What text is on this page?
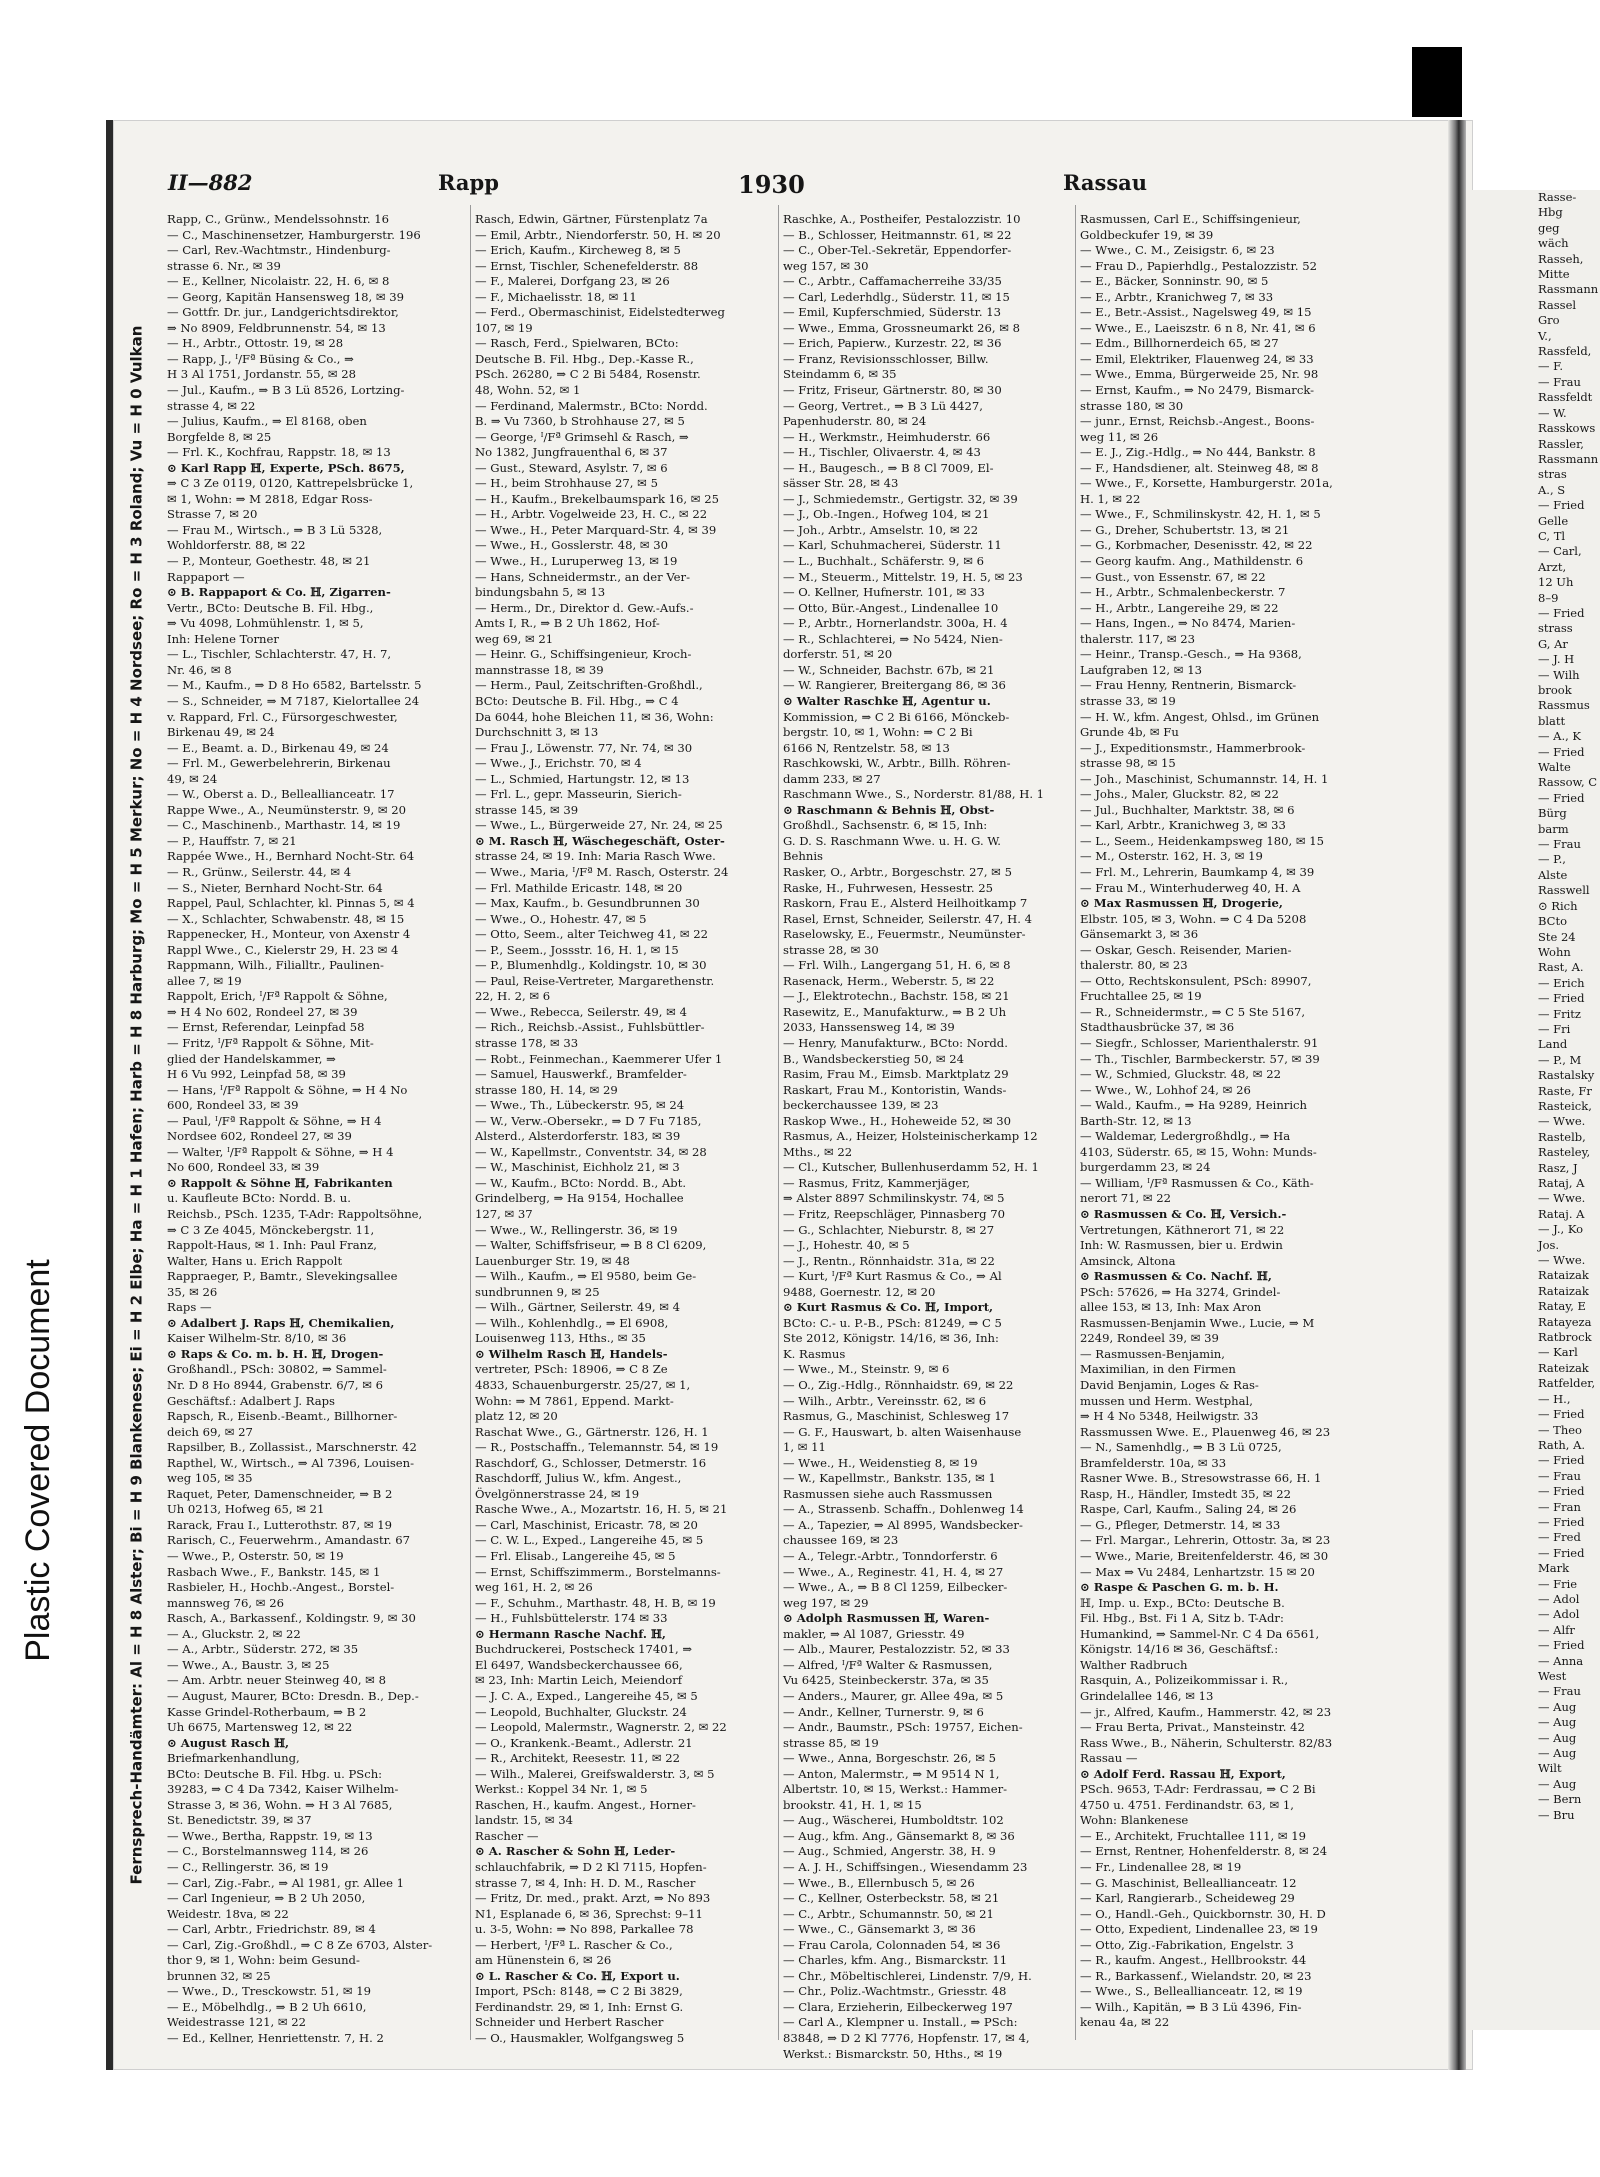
Plastic Covered Document
Rasse-
Hbg
geg
wäch
Rasseh,
Mitte
Rassmann
Rassel
Gro
V.,
Rassfeld,
— F.
— Frau
Rassfeldt
— W.
Rasskows
Rassler,
Rassmann
stras
A., S
— Fried
Gelle
C, Tl
— Carl,
Arzt,
12 Uh
8–9
— Fried
strass
G, Ar
— J. H
— Wilh
brook
Rassmus
blatt
— A., K
— Fried
Walte
Rassow, C
— Fried
Bürg
barm
— Frau
— P.,
Alste
Rasswell
⊙ Rich
BCto
Ste 24
Wohn
Rast, A.
— Erich
— Fried
— Fritz
— Fri
Land
— P., M
Rastalsky
Raste, Fr
Rasteick,
— Wwe.
Rastelb,
Rasteley,
Rasz, J
Rataj, A
— Wwe.
Rataj. A
— J., Ko
Jos.
— Wwe.
Rataizak
Rataizak
Ratay, E
Ratayeza
Ratbrock
— Karl
Rateizak
Ratfelder,
— H.,
— Fried
— Theo
Rath, A.
— Fried
— Frau
— Fried
— Fran
— Fried
— Fred
— Fried
Mark
— Frie
— Adol
— Adol
— Alfr
— Fried
— Anna
West
— Frau
— Aug
— Aug
— Aug
— Aug
Wilt
— Aug
— Bern
— Bru
II—882	Rapp	1930	Rassau
Fernsprech-Handämter: Al = H 8 Alster; Bi = H 9 Blankenese; Ei = H 2 Elbe; Ha = H 1 Hafen; Harb = H 8 Harburg; Mo = H 5 Merkur; No = H 4 Nordsee; Ro = H 3 Roland; Vu = H 0 Vulkan
Rapp, C., Grünw., Mendelssohnstr. 16
— C., Maschinensetzer, Hamburgerstr. 196
— Carl, Rev.-Wachtmstr., Hindenburg-
strasse 6. Nr., ✉ 39
— E., Kellner, Nicolaistr. 22, H. 6, ✉ 8
— Georg, Kapitän Hansensweg 18, ✉ 39
— Gottfr. Dr. jur., Landgerichtsdirektor,
⇒ No 8909, Feldbrunnenstr. 54, ✉ 13
— H., Arbtr., Ottostr. 19, ✉ 28
— Rapp, J., ᴵ/Fª Büsing & Co., ⇒
H 3 Al 1751, Jordanstr. 55, ✉ 28
— Jul., Kaufm., ⇒ B 3 Lü 8526, Lortzing-
strasse 4, ✉ 22
— Julius, Kaufm., ⇒ El 8168, oben
Borgfelde 8, ✉ 25
— Frl. K., Kochfrau, Rappstr. 18, ✉ 13
⊙ Karl Rapp ℍ, Experte, PSch. 8675,
⇒ C 3 Ze 0119, 0120, Kattrepelsbrücke 1,
✉ 1, Wohn: ⇒ M 2818, Edgar Ross-
Strasse 7, ✉ 20
— Frau M., Wirtsch., ⇒ B 3 Lü 5328,
Wohldorferstr. 88, ✉ 22
— P., Monteur, Goethestr. 48, ✉ 21
Rappaport —
⊙ B. Rappaport & Co. ℍ, Zigarren-
Vertr., BCto: Deutsche B. Fil. Hbg.,
⇒ Vu 4098, Lohmühlenstr. 1, ✉ 5,
Inh: Helene Torner
— L., Tischler, Schlachterstr. 47, H. 7,
Nr. 46, ✉ 8
— M., Kaufm., ⇒ D 8 Ho 6582, Bartelsstr. 5
— S., Schneider, ⇒ M 7187, Kielortallee 24
v. Rappard, Frl. C., Fürsorgeschwester,
Birkenau 49, ✉ 24
— E., Beamt. a. D., Birkenau 49, ✉ 24
— Frl. M., Gewerbelehrerin, Birkenau
49, ✉ 24
— W., Oberst a. D., Belleallianceatr. 17
Rappe Wwe., A., Neumünsterstr. 9, ✉ 20
— C., Maschinenb., Marthastr. 14, ✉ 19
— P., Hauffstr. 7, ✉ 21
Rappée Wwe., H., Bernhard Nocht-Str. 64
— R., Grünw., Seilerstr. 44, ✉ 4
— S., Nieter, Bernhard Nocht-Str. 64
Rappel, Paul, Schlachter, kl. Pinnas 5, ✉ 4
— X., Schlachter, Schwabenstr. 48, ✉ 15
Rappenecker, H., Monteur, von Axenstr 4
Rappl Wwe., C., Kielerstr 29, H. 23 ✉ 4
Rappmann, Wilh., Filialltr., Paulinen-
allee 7, ✉ 19
Rappolt, Erich, ᴵ/Fª Rappolt & Söhne,
⇒ H 4 No 602, Rondeel 27, ✉ 39
— Ernst, Referendar, Leinpfad 58
— Fritz, ᴵ/Fª Rappolt & Söhne, Mit-
glied der Handelskammer, ⇒
H 6 Vu 992, Leinpfad 58, ✉ 39
— Hans, ᴵ/Fª Rappolt & Söhne, ⇒ H 4 No
600, Rondeel 33, ✉ 39
— Paul, ᴵ/Fª Rappolt & Söhne, ⇒ H 4
Nordsee 602, Rondeel 27, ✉ 39
— Walter, ᴵ/Fª Rappolt & Söhne, ⇒ H 4
No 600, Rondeel 33, ✉ 39
⊙ Rappolt & Söhne ℍ, Fabrikanten
u. Kaufleute BCto: Nordd. B. u.
Reichsb., PSch. 1235, T-Adr: Rappoltsöhne,
⇒ C 3 Ze 4045, Mönckebergstr. 11,
Rappolt-Haus, ✉ 1. Inh: Paul Franz,
Walter, Hans u. Erich Rappolt
Rappraeger, P., Bamtr., Slevekingsallee
35, ✉ 26
Raps —
⊙ Adalbert J. Raps ℍ, Chemikalien,
Kaiser Wilhelm-Str. 8/10, ✉ 36
⊙ Raps & Co. m. b. H. ℍ, Drogen-
Großhandl., PSch: 30802, ⇒ Sammel-
Nr. D 8 Ho 8944, Grabenstr. 6/7, ✉ 6
Geschäftsf.: Adalbert J. Raps
Rapsch, R., Eisenb.-Beamt., Billhorner-
deich 69, ✉ 27
Rapsilber, B., Zollassist., Marschnerstr. 42
Rapthel, W., Wirtsch., ⇒ Al 7396, Louisen-
weg 105, ✉ 35
Raquet, Peter, Damenschneider, ⇒ B 2
Uh 0213, Hofweg 65, ✉ 21
Rarack, Frau I., Lutterothstr. 87, ✉ 19
Rarisch, C., Feuerwehrm., Amandastr. 67
— Wwe., P., Osterstr. 50, ✉ 19
Rasbach Wwe., F., Bankstr. 145, ✉ 1
Rasbieler, H., Hochb.-Angest., Borstel-
mannsweg 76, ✉ 26
Rasch, A., Barkassenf., Koldingstr. 9, ✉ 30
— A., Gluckstr. 2, ✉ 22
— A., Arbtr., Süderstr. 272, ✉ 35
— Wwe., A., Baustr. 3, ✉ 25
— Am. Arbtr. neuer Steinweg 40, ✉ 8
— August, Maurer, BCto: Dresdn. B., Dep.-
Kasse Grindel-Rotherbaum, ⇒ B 2
Uh 6675, Martensweg 12, ✉ 22
⊙ August Rasch ℍ,
Briefmarkenhandlung,
BCto: Deutsche B. Fil. Hbg. u. PSch:
39283, ⇒ C 4 Da 7342, Kaiser Wilhelm-
Strasse 3, ✉ 36, Wohn. ⇒ H 3 Al 7685,
St. Benedictstr. 39, ✉ 37
— Wwe., Bertha, Rappstr. 19, ✉ 13
— C., Borstelmannsweg 114, ✉ 26
— C., Rellingerstr. 36, ✉ 19
— Carl, Zig.-Fabr., ⇒ Al 1981, gr. Allee 1
— Carl Ingenieur, ⇒ B 2 Uh 2050,
Weidestr. 18va, ✉ 22
— Carl, Arbtr., Friedrichstr. 89, ✉ 4
— Carl, Zig.-Großhdl., ⇒ C 8 Ze 6703, Alster-
thor 9, ✉ 1, Wohn: beim Gesund-
brunnen 32, ✉ 25
— Wwe., D., Tresckowstr. 51, ✉ 19
— E., Möbelhdlg., ⇒ B 2 Uh 6610,
Weidestrasse 121, ✉ 22
— Ed., Kellner, Henriettenstr. 7, H. 2
Rasch, Edwin, Gärtner, Fürstenplatz 7a
— Emil, Arbtr., Niendorferstr. 50, H. ✉ 20
— Erich, Kaufm., Kircheweg 8, ✉ 5
— Ernst, Tischler, Schenefelderstr. 88
— F., Malerei, Dorfgang 23, ✉ 26
— F., Michaelisstr. 18, ✉ 11
— Ferd., Obermaschinist, Eidelstedterweg
107, ✉ 19
— Rasch, Ferd., Spielwaren, BCto:
Deutsche B. Fil. Hbg., Dep.-Kasse R.,
PSch. 26280, ⇒ C 2 Bi 5484, Rosenstr.
48, Wohn. 52, ✉ 1
— Ferdinand, Malermstr., BCto: Nordd.
B. ⇒ Vu 7360, b Strohhause 27, ✉ 5
— George, ᴵ/Fª Grimsehl & Rasch, ⇒
No 1382, Jungfrauenthal 6, ✉ 37
— Gust., Steward, Asylstr. 7, ✉ 6
— H., beim Strohhause 27, ✉ 5
— H., Kaufm., Brekelbaumspark 16, ✉ 25
— H., Arbtr. Vogelweide 23, H. C., ✉ 22
— Wwe., H., Peter Marquard-Str. 4, ✉ 39
— Wwe., H., Gosslerstr. 48, ✉ 30
— Wwe., H., Luruperweg 13, ✉ 19
— Hans, Schneidermstr., an der Ver-
bindungsbahn 5, ✉ 13
— Herm., Dr., Direktor d. Gew.-Aufs.-
Amts I, R., ⇒ B 2 Uh 1862, Hof-
weg 69, ✉ 21
— Heinr. G., Schiffsingenieur, Kroch-
mannstrasse 18, ✉ 39
— Herm., Paul, Zeitschriften-Großhdl.,
BCto: Deutsche B. Fil. Hbg., ⇒ C 4
Da 6044, hohe Bleichen 11, ✉ 36, Wohn:
Durchschnitt 3, ✉ 13
— Frau J., Löwenstr. 77, Nr. 74, ✉ 30
— Wwe., J., Erichstr. 70, ✉ 4
— L., Schmied, Hartungstr. 12, ✉ 13
— Frl. L., gepr. Masseurin, Sierich-
strasse 145, ✉ 39
— Wwe., L., Bürgerweide 27, Nr. 24, ✉ 25
⊙ M. Rasch ℍ, Wäschegeschäft, Oster-
strasse 24, ✉ 19. Inh: Maria Rasch Wwe.
— Wwe., Maria, ᴵ/Fª M. Rasch, Osterstr. 24
— Frl. Mathilde Ericastr. 148, ✉ 20
— Max, Kaufm., b. Gesundbrunnen 30
— Wwe., O., Hohestr. 47, ✉ 5
— Otto, Seem., alter Teichweg 41, ✉ 22
— P., Seem., Jossstr. 16, H. 1, ✉ 15
— P., Blumenhdlg., Koldingstr. 10, ✉ 30
— Paul, Reise-Vertreter, Margarethenstr.
22, H. 2, ✉ 6
— Wwe., Rebecca, Seilerstr. 49, ✉ 4
— Rich., Reichsb.-Assist., Fuhlsbüttler-
strasse 178, ✉ 33
— Robt., Feinmechan., Kaemmerer Ufer 1
— Samuel, Hauswerkf., Bramfelder-
strasse 180, H. 14, ✉ 29
— Wwe., Th., Lübeckerstr. 95, ✉ 24
— W., Verw.-Obersekr., ⇒ D 7 Fu 7185,
Alsterd., Alsterdorferstr. 183, ✉ 39
— W., Kapellmstr., Conventstr. 34, ✉ 28
— W., Maschinist, Eichholz 21, ✉ 3
— W., Kaufm., BCto: Nordd. B., Abt.
Grindelberg, ⇒ Ha 9154, Hochallee
127, ✉ 37
— Wwe., W., Rellingerstr. 36, ✉ 19
— Walter, Schiffsfriseur, ⇒ B 8 Cl 6209,
Lauenburger Str. 19, ✉ 48
— Wilh., Kaufm., ⇒ El 9580, beim Ge-
sundbrunnen 9, ✉ 25
— Wilh., Gärtner, Seilerstr. 49, ✉ 4
— Wilh., Kohlenhdlg., ⇒ El 6908,
Louisenweg 113, Hths., ✉ 35
⊙ Wilhelm Rasch ℍ, Handels-
vertreter, PSch: 18906, ⇒ C 8 Ze
4833, Schauenburgerstr. 25/27, ✉ 1,
Wohn: ⇒ M 7861, Eppend. Markt-
platz 12, ✉ 20
Raschat Wwe., G., Gärtnerstr. 126, H. 1
— R., Postschaffn., Telemannstr. 54, ✉ 19
Raschdorf, G., Schlosser, Detmerstr. 16
Raschdorff, Julius W., kfm. Angest.,
Övelgönnerstrasse 24, ✉ 19
Rasche Wwe., A., Mozartstr. 16, H. 5, ✉ 21
— Carl, Maschinist, Ericastr. 78, ✉ 20
— C. W. L., Exped., Langereihe 45, ✉ 5
— Frl. Elisab., Langereihe 45, ✉ 5
— Ernst, Schiffszimmerm., Borstelmanns-
weg 161, H. 2, ✉ 26
— F., Schuhm., Marthastr. 48, H. B, ✉ 19
— H., Fuhlsbüttelerstr. 174 ✉ 33
⊙ Hermann Rasche Nachf. ℍ,
Buchdruckerei, Postscheck 17401, ⇒
El 6497, Wandsbeckerchaussee 66,
✉ 23, Inh: Martin Leich, Meiendorf
— J. C. A., Exped., Langereihe 45, ✉ 5
— Leopold, Buchhalter, Gluckstr. 24
— Leopold, Malermstr., Wagnerstr. 2, ✉ 22
— O., Krankenk.-Beamt., Adlerstr. 21
— R., Architekt, Reesestr. 11, ✉ 22
— Wilh., Malerei, Greifswalderstr. 3, ✉ 5
Werkst.: Koppel 34 Nr. 1, ✉ 5
Raschen, H., kaufm. Angest., Horner-
landstr. 15, ✉ 34
Rascher —
⊙ A. Rascher & Sohn ℍ, Leder-
schlauchfabrik, ⇒ D 2 Kl 7115, Hopfen-
strasse 7, ✉ 4, Inh: H. D. M., Rascher
— Fritz, Dr. med., prakt. Arzt, ⇒ No 893
N1, Esplanade 6, ✉ 36, Sprechst: 9–11
u. 3-5, Wohn: ⇒ No 898, Parkallee 78
— Herbert, ᴵ/Fª L. Rascher & Co.,
am Hünenstein 6, ✉ 26
⊙ L. Rascher & Co. ℍ, Export u.
Import, PSch: 8148, ⇒ C 2 Bi 3829,
Ferdinandstr. 29, ✉ 1, Inh: Ernst G.
Schneider und Herbert Rascher
— O., Hausmakler, Wolfgangsweg 5
Raschke, A., Postheifer, Pestalozzistr. 10
— B., Schlosser, Heitmannstr. 61, ✉ 22
— C., Ober-Tel.-Sekretär, Eppendorfer-
weg 157, ✉ 30
— C., Arbtr., Caffamacherreihe 33/35
— Carl, Lederhdlg., Süderstr. 11, ✉ 15
— Emil, Kupferschmied, Süderstr. 13
— Wwe., Emma, Grossneumarkt 26, ✉ 8
— Erich, Papierw., Kurzestr. 22, ✉ 36
— Franz, Revisionsschlosser, Billw.
Steindamm 6, ✉ 35
— Fritz, Friseur, Gärtnerstr. 80, ✉ 30
— Georg, Vertret., ⇒ B 3 Lü 4427,
Papenhuderstr. 80, ✉ 24
— H., Werkmstr., Heimhuderstr. 66
— H., Tischler, Olivaerstr. 4, ✉ 43
— H., Baugesch., ⇒ B 8 Cl 7009, El-
sässer Str. 28, ✉ 43
— J., Schmiedemstr., Gertigstr. 32, ✉ 39
— J., Ob.-Ingen., Hofweg 104, ✉ 21
— Joh., Arbtr., Amselstr. 10, ✉ 22
— Karl, Schuhmacherei, Süderstr. 11
— L., Buchhalt., Schäferstr. 9, ✉ 6
— M., Steuerm., Mittelstr. 19, H. 5, ✉ 23
— O. Kellner, Hufnerstr. 101, ✉ 33
— Otto, Bür.-Angest., Lindenallee 10
— P., Arbtr., Hornerlandstr. 300a, H. 4
— R., Schlachterei, ⇒ No 5424, Nien-
dorferstr. 51, ✉ 20
— W., Schneider, Bachstr. 67b, ✉ 21
— W. Rangierer, Breitergang 86, ✉ 36
⊙ Walter Raschke ℍ, Agentur u.
Kommission, ⇒ C 2 Bi 6166, Mönckeb-
bergstr. 10, ✉ 1, Wohn: ⇒ C 2 Bi
6166 N, Rentzelstr. 58, ✉ 13
Raschkowski, W., Arbtr., Billh. Röhren-
damm 233, ✉ 27
Raschmann Wwe., S., Norderstr. 81/88, H. 1
⊙ Raschmann & Behnis ℍ, Obst-
Großhdl., Sachsenstr. 6, ✉ 15, Inh:
G. D. S. Raschmann Wwe. u. H. G. W.
Behnis
Rasker, O., Arbtr., Borgeschstr. 27, ✉ 5
Raske, H., Fuhrwesen, Hessestr. 25
Raskorn, Frau E., Alsterd Heilhoitkamp 7
Rasel, Ernst, Schneider, Seilerstr. 47, H. 4
Raselowsky, E., Feuermstr., Neumünster-
strasse 28, ✉ 30
— Frl. Wilh., Langergang 51, H. 6, ✉ 8
Rasenack, Herm., Weberstr. 5, ✉ 22
— J., Elektrotechn., Bachstr. 158, ✉ 21
Rasewitz, E., Manufakturw., ⇒ B 2 Uh
2033, Hanssensweg 14, ✉ 39
— Henry, Manufakturw., BCto: Nordd.
B., Wandsbeckerstieg 50, ✉ 24
Rasim, Frau M., Eimsb. Marktplatz 29
Raskart, Frau M., Kontoristin, Wands-
beckerchaussee 139, ✉ 23
Raskop Wwe., H., Hoheweide 52, ✉ 30
Rasmus, A., Heizer, Holsteinischerkamp 12
Mths., ✉ 22
— Cl., Kutscher, Bullenhuserdamm 52, H. 1
— Rasmus, Fritz, Kammerjäger,
⇒ Alster 8897 Schmilinskystr. 74, ✉ 5
— Fritz, Reepschläger, Pinnasberg 70
— G., Schlachter, Nieburstr. 8, ✉ 27
— J., Hohestr. 40, ✉ 5
— J., Rentn., Rönnhaidstr. 31a, ✉ 22
— Kurt, ᴵ/Fª Kurt Rasmus & Co., ⇒ Al
9488, Goernestr. 12, ✉ 20
⊙ Kurt Rasmus & Co. ℍ, Import,
BCto: C.- u. P.-B., PSch: 81249, ⇒ C 5
Ste 2012, Königstr. 14/16, ✉ 36, Inh:
K. Rasmus
— Wwe., M., Steinstr. 9, ✉ 6
— O., Zig.-Hdlg., Rönnhaidstr. 69, ✉ 22
— Wilh., Arbtr., Vereinsstr. 62, ✉ 6
Rasmus, G., Maschinist, Schlesweg 17
— G. F., Hauswart, b. alten Waisenhause
1, ✉ 11
— Wwe., H., Weidenstieg 8, ✉ 19
— W., Kapellmstr., Bankstr. 135, ✉ 1
Rasmussen siehe auch Rassmussen
— A., Strassenb. Schaffn., Dohlenweg 14
— A., Tapezier, ⇒ Al 8995, Wandsbecker-
chaussee 169, ✉ 23
— A., Telegr.-Arbtr., Tonndorferstr. 6
— Wwe., A., Reginestr. 41, H. 4, ✉ 27
— Wwe., A., ⇒ B 8 Cl 1259, Eilbecker-
weg 197, ✉ 29
⊙ Adolph Rasmussen ℍ, Waren-
makler, ⇒ Al 1087, Griesstr. 49
— Alb., Maurer, Pestalozzistr. 52, ✉ 33
— Alfred, ᴵ/Fª Walter & Rasmussen,
Vu 6425, Steinbeckerstr. 37a, ✉ 35
— Anders., Maurer, gr. Allee 49a, ✉ 5
— Andr., Kellner, Turnerstr. 9, ✉ 6
— Andr., Baumstr., PSch: 19757, Eichen-
strasse 85, ✉ 19
— Wwe., Anna, Borgeschstr. 26, ✉ 5
— Anton, Malermstr., ⇒ M 9514 N 1,
Albertstr. 10, ✉ 15, Werkst.: Hammer-
brookstr. 41, H. 1, ✉ 15
— Aug., Wäscherei, Humboldtstr. 102
— Aug., kfm. Ang., Gänsemarkt 8, ✉ 36
— Aug., Schmied, Angerstr. 38, H. 9
— A. J. H., Schiffsingen., Wiesendamm 23
— Wwe., B., Ellernbusch 5, ✉ 26
— C., Kellner, Osterbeckstr. 58, ✉ 21
— C., Arbtr., Schumannstr. 50, ✉ 21
— Wwe., C., Gänsemarkt 3, ✉ 36
— Frau Carola, Colonnaden 54, ✉ 36
— Charles, kfm. Ang., Bismarckstr. 11
— Chr., Möbeltischlerei, Lindenstr. 7/9, H.
— Chr., Poliz.-Wachtmstr., Griesstr. 48
— Clara, Erzieherin, Eilbeckerweg 197
— Carl A., Klempner u. Install., ⇒ PSch:
83848, ⇒ D 2 Kl 7776, Hopfenstr. 17, ✉ 4,
Werkst.: Bismarckstr. 50, Hths., ✉ 19
Rasmussen, Carl E., Schiffsingenieur,
Goldbeckufer 19, ✉ 39
— Wwe., C. M., Zeisigstr. 6, ✉ 23
— Frau D., Papierhdlg., Pestalozzistr. 52
— E., Bäcker, Sonninstr. 90, ✉ 5
— E., Arbtr., Kranichweg 7, ✉ 33
— E., Betr.-Assist., Nagelsweg 49, ✉ 15
— Wwe., E., Laeiszstr. 6 n 8, Nr. 41, ✉ 6
— Edm., Billhornerdeich 65, ✉ 27
— Emil, Elektriker, Flauenweg 24, ✉ 33
— Wwe., Emma, Bürgerweide 25, Nr. 98
— Ernst, Kaufm., ⇒ No 2479, Bismarck-
strasse 180, ✉ 30
— junr., Ernst, Reichsb.-Angest., Boons-
weg 11, ✉ 26
— E. J., Zig.-Hdlg., ⇒ No 444, Bankstr. 8
— F., Handsdiener, alt. Steinweg 48, ✉ 8
— Wwe., F., Korsette, Hamburgerstr. 201a,
H. 1, ✉ 22
— Wwe., F., Schmilinskystr. 42, H. 1, ✉ 5
— G., Dreher, Schubertstr. 13, ✉ 21
— G., Korbmacher, Desenisstr. 42, ✉ 22
— Georg kaufm. Ang., Mathildenstr. 6
— Gust., von Essenstr. 67, ✉ 22
— H., Arbtr., Schmalenbeckerstr. 7
— H., Arbtr., Langereihe 29, ✉ 22
— Hans, Ingen., ⇒ No 8474, Marien-
thalerstr. 117, ✉ 23
— Heinr., Transp.-Gesch., ⇒ Ha 9368,
Laufgraben 12, ✉ 13
— Frau Henny, Rentnerin, Bismarck-
strasse 33, ✉ 19
— H. W., kfm. Angest, Ohlsd., im Grünen
Grunde 4b, ✉ Fu
— J., Expeditionsmstr., Hammerbrook-
strasse 98, ✉ 15
— Joh., Maschinist, Schumannstr. 14, H. 1
— Johs., Maler, Gluckstr. 82, ✉ 22
— Jul., Buchhalter, Marktstr. 38, ✉ 6
— Karl, Arbtr., Kranichweg 3, ✉ 33
— L., Seem., Heidenkampsweg 180, ✉ 15
— M., Osterstr. 162, H. 3, ✉ 19
— Frl. M., Lehrerin, Baumkamp 4, ✉ 39
— Frau M., Winterhuderweg 40, H. A
⊙ Max Rasmussen ℍ, Drogerie,
Elbstr. 105, ✉ 3, Wohn. ⇒ C 4 Da 5208
Gänsemarkt 3, ✉ 36
— Oskar, Gesch. Reisender, Marien-
thalerstr. 80, ✉ 23
— Otto, Rechtskonsulent, PSch: 89907,
Fruchtallee 25, ✉ 19
— R., Schneidermstr., ⇒ C 5 Ste 5167,
Stadthausbrücke 37, ✉ 36
— Siegfr., Schlosser, Marienthalerstr. 91
— Th., Tischler, Barmbeckerstr. 57, ✉ 39
— W., Schmied, Gluckstr. 48, ✉ 22
— Wwe., W., Lohhof 24, ✉ 26
— Wald., Kaufm., ⇒ Ha 9289, Heinrich
Barth-Str. 12, ✉ 13
— Waldemar, Ledergroßhdlg., ⇒ Ha
4103, Süderstr. 65, ✉ 15, Wohn: Munds-
burgerdamm 23, ✉ 24
— William, ᴵ/Fª Rasmussen & Co., Käth-
nerort 71, ✉ 22
⊙ Rasmussen & Co. ℍ, Versich.-
Vertretungen, Käthnerort 71, ✉ 22
Inh: W. Rasmussen, bier u. Erdwin
Amsinck, Altona
⊙ Rasmussen & Co. Nachf. ℍ,
PSch: 57626, ⇒ Ha 3274, Grindel-
allee 153, ✉ 13, Inh: Max Aron
Rasmussen-Benjamin Wwe., Lucie, ⇒ M
2249, Rondeel 39, ✉ 39
— Rasmussen-Benjamin,
Maximilian, in den Firmen
David Benjamin, Loges & Ras-
mussen und Herm. Westphal,
⇒ H 4 No 5348, Heilwigstr. 33
Rassmussen Wwe. E., Plauenweg 46, ✉ 23
— N., Samenhdlg., ⇒ B 3 Lü 0725,
Bramfelderstr. 10a, ✉ 33
Rasner Wwe. B., Stresowstrasse 66, H. 1
Rasp, H., Händler, Imstedt 35, ✉ 22
Raspe, Carl, Kaufm., Saling 24, ✉ 26
— G., Pfleger, Detmerstr. 14, ✉ 33
— Frl. Margar., Lehrerin, Ottostr. 3a, ✉ 23
— Wwe., Marie, Breitenfelderstr. 46, ✉ 30
— Max ⇒ Vu 2484, Lenhartzstr. 15 ✉ 20
⊙ Raspe & Paschen G. m. b. H.
ℍ, Imp. u. Exp., BCto: Deutsche B.
Fil. Hbg., Bst. Fi 1 A, Sitz b. T-Adr:
Humankind, ⇒ Sammel-Nr. C 4 Da 6561,
Königstr. 14/16 ✉ 36, Geschäftsf.:
Walther Radbruch
Rasquin, A., Polizeikommissar i. R.,
Grindelallee 146, ✉ 13
— jr., Alfred, Kaufm., Hammerstr. 42, ✉ 23
— Frau Berta, Privat., Mansteinstr. 42
Rass Wwe., B., Näherin, Schulterstr. 82/83
Rassau —
⊙ Adolf Ferd. Rassau ℍ, Export,
PSch. 9653, T-Adr: Ferdrassau, ⇒ C 2 Bi
4750 u. 4751. Ferdinandstr. 63, ✉ 1,
Wohn: Blankenese
— E., Architekt, Fruchtallee 111, ✉ 19
— Ernst, Rentner, Hohenfelderstr. 8, ✉ 24
— Fr., Lindenallee 28, ✉ 19
— G. Maschinist, Belleallianceatr. 12
— Karl, Rangierarb., Scheideweg 29
— O., Handl.-Geh., Quickbornstr. 30, H. D
— Otto, Expedient, Lindenallee 23, ✉ 19
— Otto, Zig.-Fabrikation, Engelstr. 3
— R., kaufm. Angest., Hellbrookstr. 44
— R., Barkassenf., Wielandstr. 20, ✉ 23
— Wwe., S., Belleallianceatr. 12, ✉ 19
— Wilh., Kapitän, ⇒ B 3 Lü 4396, Fin-
kenau 4a, ✉ 22
